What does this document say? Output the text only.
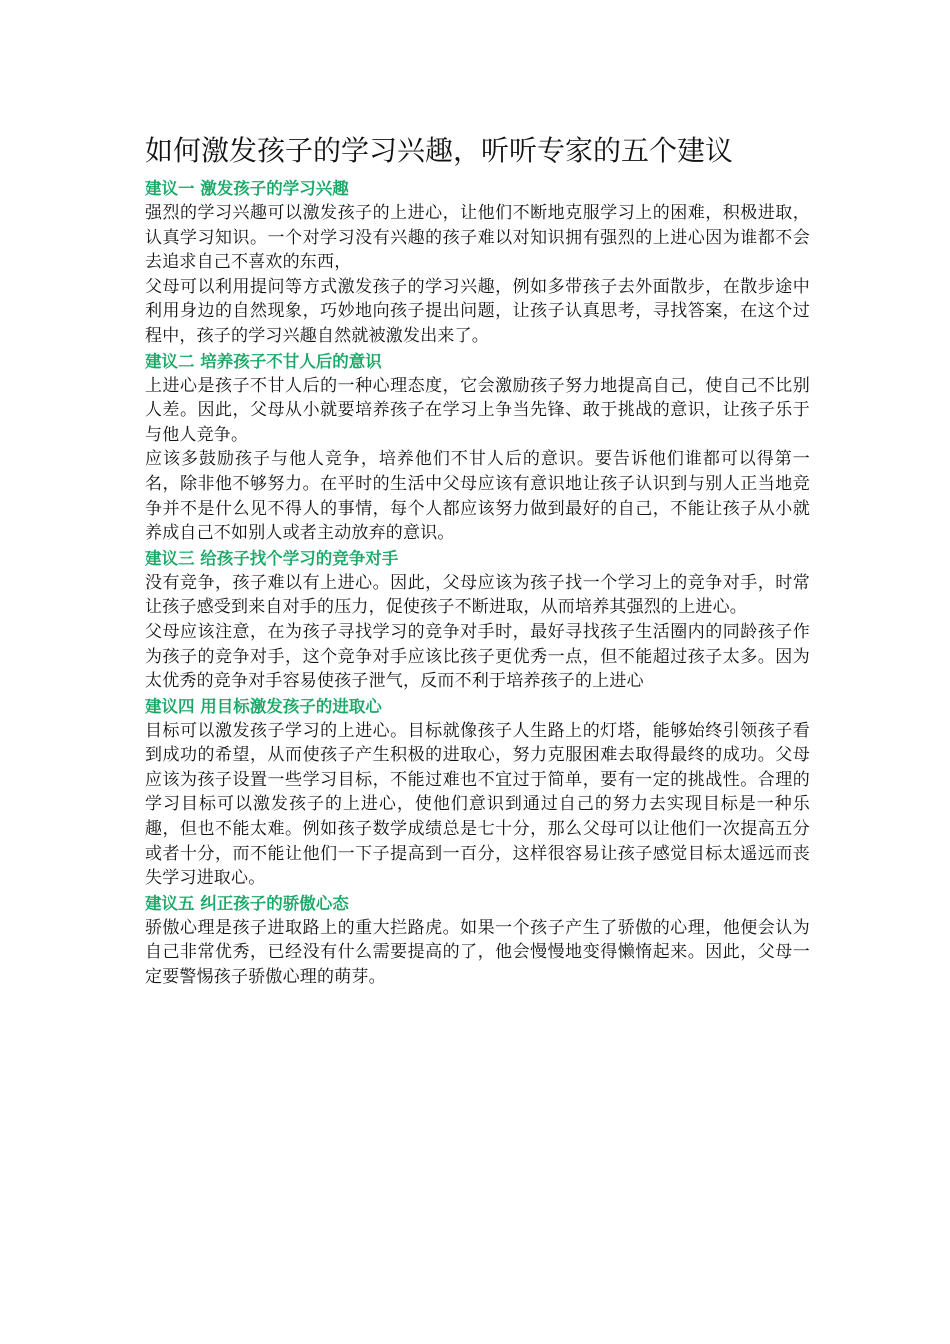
如何激发孩子的学习兴趣，听听专家的五个建议
建议一 激发孩子的学习兴趣

强烈的学习兴趣可以激发孩子的上进心，让他们不断地克服学习上的困难，积极进取，认真学习知识。一个对学习没有兴趣的孩子难以对知识拥有强烈的上进心因为谁都不会去追求自己不喜欢的东西，

父母可以利用提问等方式激发孩子的学习兴趣，例如多带孩子去外面散步，在散步途中利用身边的自然现象，巧妙地向孩子提出问题，让孩子认真思考，寻找答案，在这个过程中，孩子的学习兴趣自然就被激发出来了。

建议二 培养孩子不甘人后的意识

上进心是孩子不甘人后的一种心理态度，它会激励孩子努力地提高自己，使自己不比别人差。因此，父母从小就要培养孩子在学习上争当先锋、敢于挑战的意识，让孩子乐于与他人竞争。

应该多鼓励孩子与他人竞争，培养他们不甘人后的意识。要告诉他们谁都可以得第一名，除非他不够努力。在平时的生活中父母应该有意识地让孩子认识到与别人正当地竞争并不是什么见不得人的事情，每个人都应该努力做到最好的自己，不能让孩子从小就养成自己不如别人或者主动放弃的意识。

建议三 给孩子找个学习的竞争对手

没有竞争，孩子难以有上进心。因此，父母应该为孩子找一个学习上的竞争对手，时常让孩子感受到来自对手的压力，促使孩子不断进取，从而培养其强烈的上进心。

父母应该注意，在为孩子寻找学习的竞争对手时，最好寻找孩子生活圈内的同龄孩子作为孩子的竞争对手，这个竞争对手应该比孩子更优秀一点，但不能超过孩子太多。因为太优秀的竞争对手容易使孩子泄气，反而不利于培养孩子的上进心

建议四 用目标激发孩子的进取心

目标可以激发孩子学习的上进心。目标就像孩子人生路上的灯塔，能够始终引领孩子看到成功的希望，从而使孩子产生积极的进取心，努力克服困难去取得最终的成功。父母应该为孩子设置一些学习目标，不能过难也不宜过于简单，要有一定的挑战性。合理的学习目标可以激发孩子的上进心，使他们意识到通过自己的努力去实现目标是一种乐趣，但也不能太难。例如孩子数学成绩总是七十分，那么父母可以让他们一次提高五分或者十分，而不能让他们一下子提高到一百分，这样很容易让孩子感觉目标太遥远而丧失学习进取心。

建议五 纠正孩子的骄傲心态

骄傲心理是孩子进取路上的重大拦路虎。如果一个孩子产生了骄傲的心理，他便会认为自己非常优秀，已经没有什么需要提高的了，他会慢慢地变得懒惰起来。因此，父母一定要警惕孩子骄傲心理的萌芽。
